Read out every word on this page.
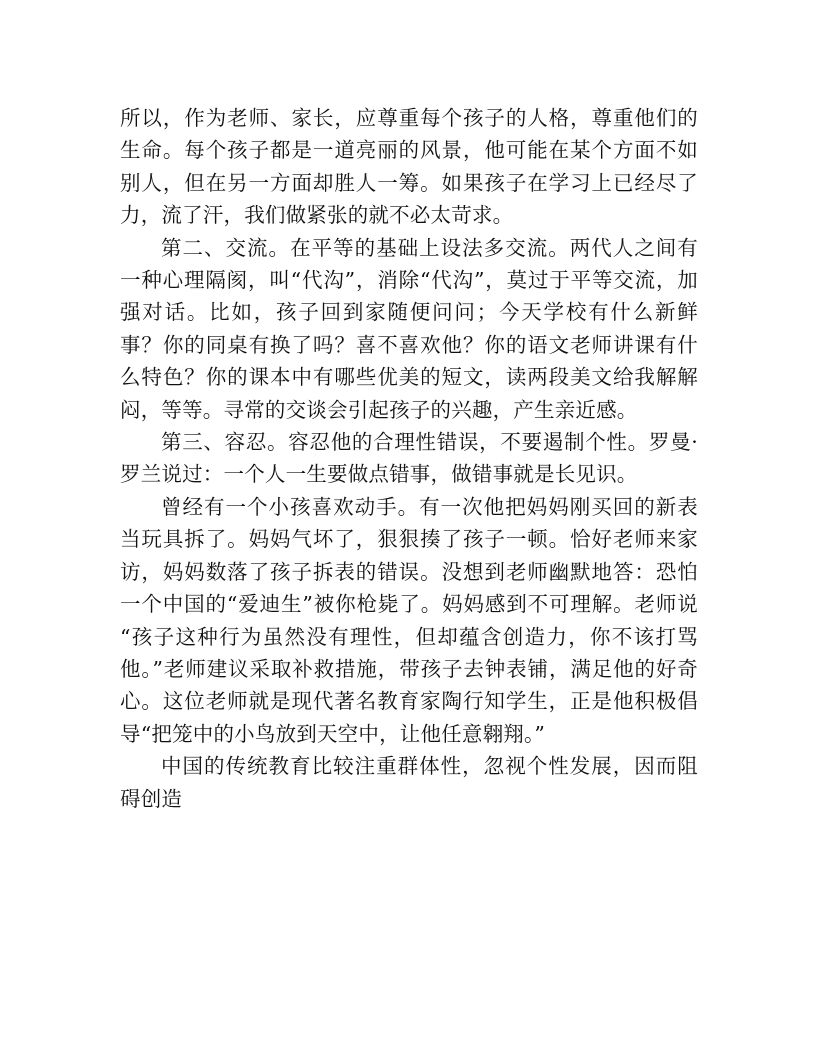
所以，作为老师、家长，应尊重每个孩子的人格，尊重他们的生命。每个孩子都是一道亮丽的风景，他可能在某个方面不如别人，但在另一方面却胜人一筹。如果孩子在学习上已经尽了力，流了汗，我们做紧张的就不必太苛求。

第二、交流。在平等的基础上设法多交流。两代人之间有一种心理隔阂，叫“代沟”，消除“代沟”，莫过于平等交流，加强对话。比如，孩子回到家随便问问；今天学校有什么新鲜事？你的同桌有换了吗？喜不喜欢他？你的语文老师讲课有什么特色？你的课本中有哪些优美的短文，读两段美文给我解解闷，等等。寻常的交谈会引起孩子的兴趣，产生亲近感。

第三、容忍。容忍他的合理性错误，不要遏制个性。罗曼·罗兰说过：一个人一生要做点错事，做错事就是长见识。

曾经有一个小孩喜欢动手。有一次他把妈妈刚买回的新表当玩具拆了。妈妈气坏了，狠狠揍了孩子一顿。恰好老师来家访，妈妈数落了孩子拆表的错误。没想到老师幽默地答：恐怕一个中国的“爱迪生”被你枪毙了。妈妈感到不可理解。老师说 “孩子这种行为虽然没有理性，但却蕴含创造力，你不该打骂他。”老师建议采取补救措施，带孩子去钟表铺，满足他的好奇心。这位老师就是现代著名教育家陶行知学生，正是他积极倡导“把笼中的小鸟放到天空中，让他任意翱翔。”

中国的传统教育比较注重群体性，忽视个性发展，因而阻碍创造
